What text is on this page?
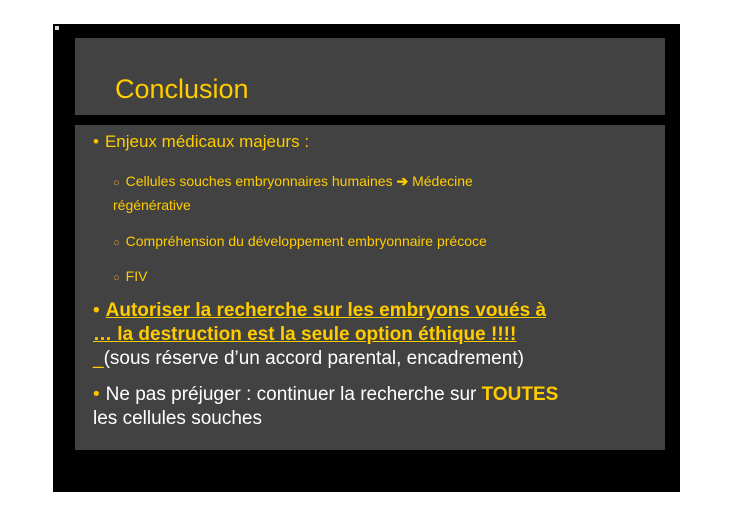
Conclusion
• Enjeux médicaux majeurs :
○ Cellules souches embryonnaires humaines ➔ Médecine
régénérative
○ Compréhension du développement embryonnaire précoce
○ FIV
• Autoriser la recherche sur les embryons voués à
… la destruction est la seule option éthique !!!!
_(sous réserve d’un accord parental, encadrement)
• Ne pas préjuger : continuer la recherche sur TOUTES
les cellules souches
